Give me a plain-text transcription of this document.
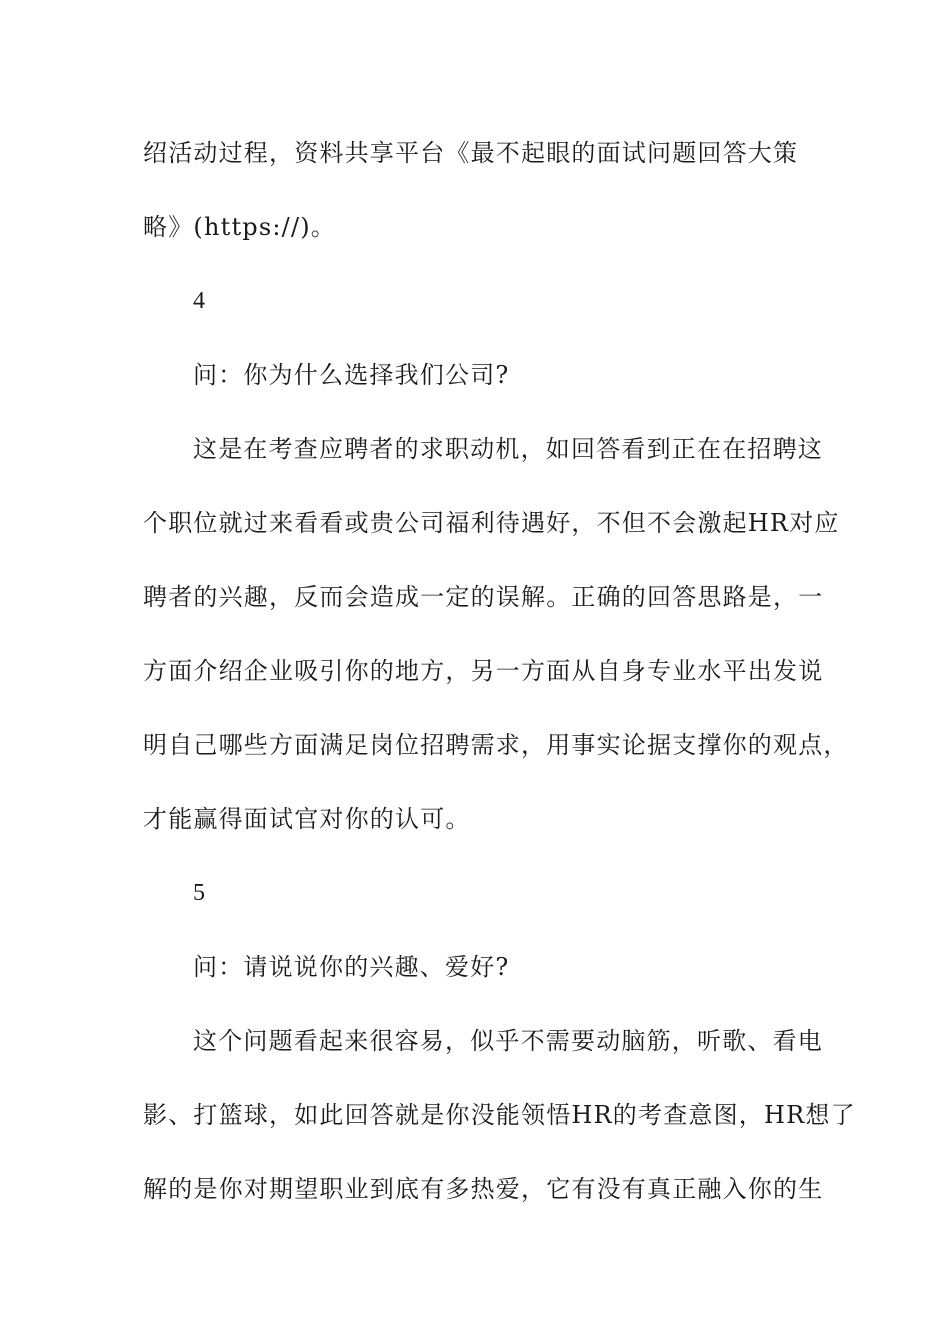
绍活动过程，资料共享平台《最不起眼的面试问题回答大策
略》(https://)。
4
问：你为什么选择我们公司?
这是在考查应聘者的求职动机，如回答看到正在在招聘这
个职位就过来看看或贵公司福利待遇好，不但不会激起HR对应
聘者的兴趣，反而会造成一定的误解。正确的回答思路是，一
方面介绍企业吸引你的地方，另一方面从自身专业水平出发说
明自己哪些方面满足岗位招聘需求，用事实论据支撑你的观点，
才能赢得面试官对你的认可。
5
问：请说说你的兴趣、爱好?
这个问题看起来很容易，似乎不需要动脑筋，听歌、看电
影、打篮球，如此回答就是你没能领悟HR的考查意图，HR想了
解的是你对期望职业到底有多热爱，它有没有真正融入你的生
